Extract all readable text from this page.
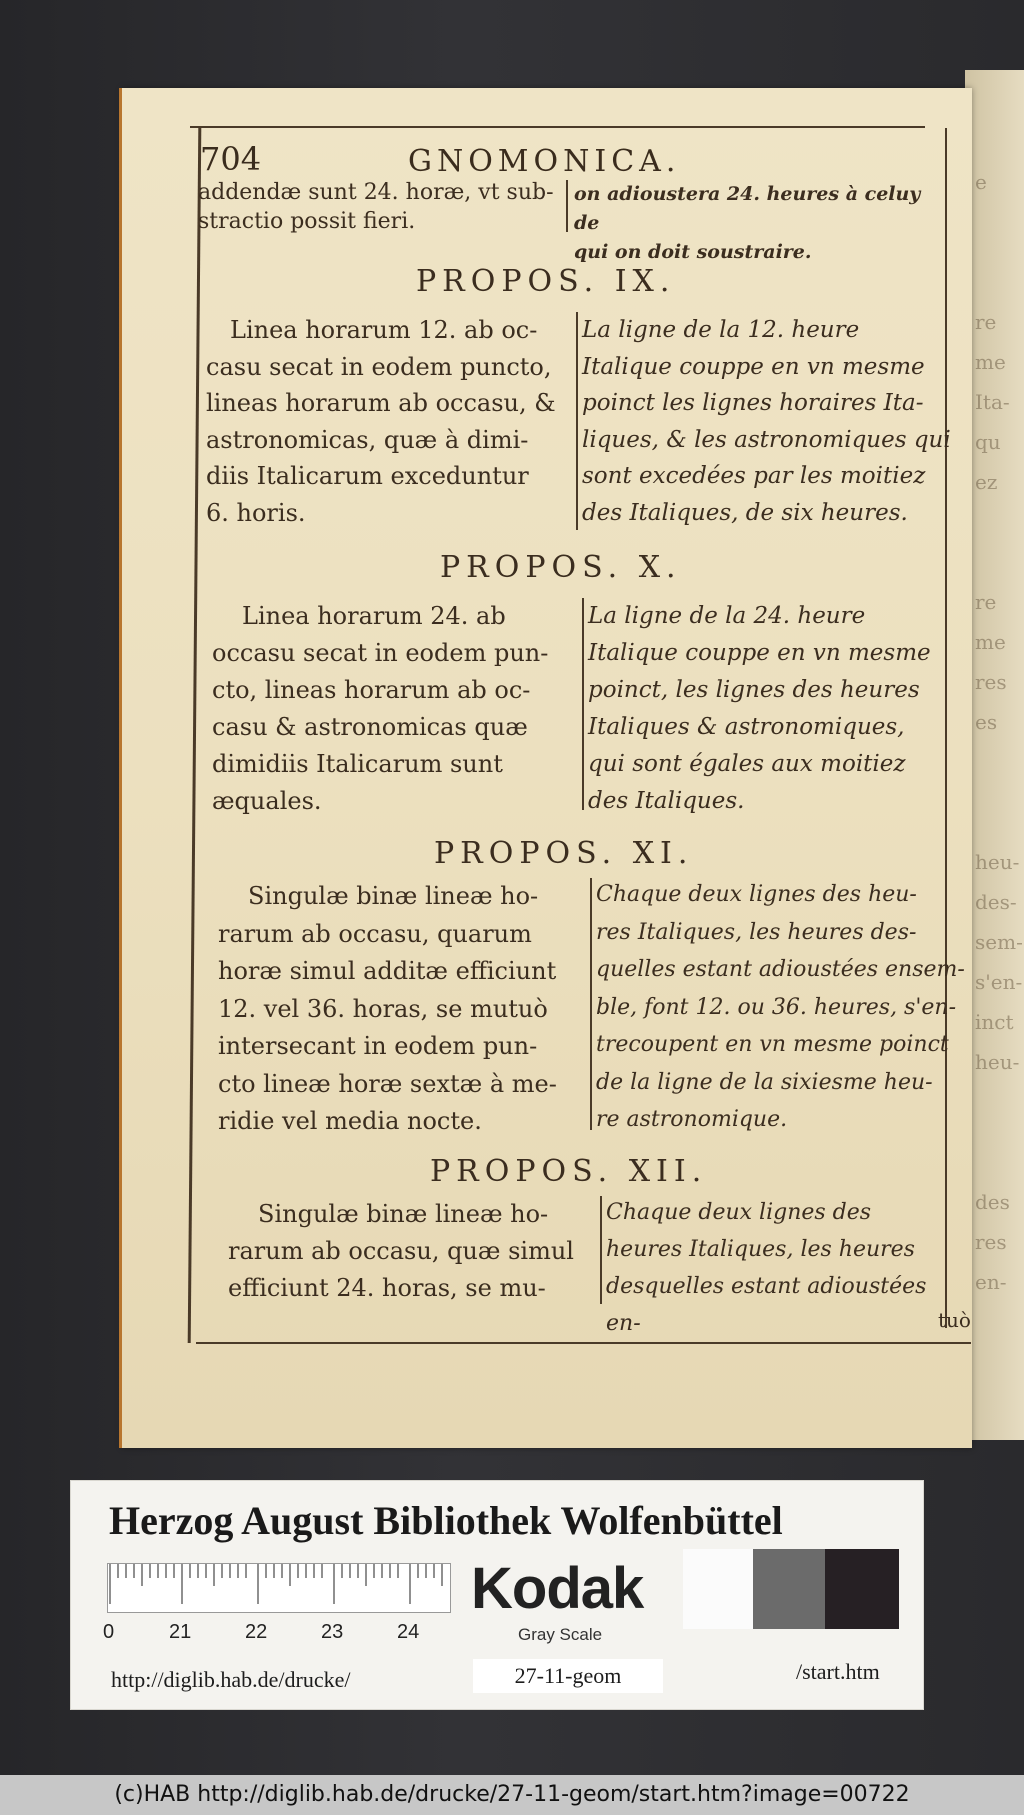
e
re
me
Ita-
qu
ez
re
me
res
es
heu-
des-
sem-
s'en-
inct
heu-
des
res
en-
704	GNOMONICA.
addendæ sunt 24. horæ, vt sub-
stractio possit fieri.
on adioustera 24. heures à celuy de
qui on doit soustraire.
PROPOS. IX.
Linea horarum 12. ab oc-
casu secat in eodem puncto,
lineas horarum ab occasu, &
astronomicas, quæ à dimi-
diis Italicarum exceduntur
6. horis.
La ligne de la 12. heure
Italique couppe en vn mesme
poinct les lignes horaires Ita-
liques, & les astronomiques qui
sont excedées par les moitiez
des Italiques, de six heures.
PROPOS. X.
Linea horarum 24. ab
occasu secat in eodem pun-
cto, lineas horarum ab oc-
casu & astronomicas quæ
dimidiis Italicarum sunt
æquales.
La ligne de la 24. heure
Italique couppe en vn mesme
poinct, les lignes des heures
Italiques & astronomiques,
qui sont égales aux moitiez
des Italiques.
PROPOS. XI.
Singulæ binæ lineæ ho-
rarum ab occasu, quarum
horæ simul additæ efficiunt
12. vel 36. horas, se mutuò
intersecant in eodem pun-
cto lineæ horæ sextæ à me-
ridie vel media nocte.
Chaque deux lignes des heu-
res Italiques, les heures des-
quelles estant adioustées ensem-
ble, font 12. ou 36. heures, s'en-
trecoupent en vn mesme poinct
de la ligne de la sixiesme heu-
re astronomique.
PROPOS. XII.
Singulæ binæ lineæ ho-
rarum ab occasu, quæ simul
efficiunt 24. horas, se mu-
Chaque deux lignes des
heures Italiques, les heures
desquelles estant adioustées en-	tuò
Herzog August Bibliothek Wolfenbüttel
0	21	22	23	24
Kodak
Gray Scale
http://diglib.hab.de/drucke/	27-11-geom	/start.htm
(c)HAB http://diglib.hab.de/drucke/27-11-geom/start.htm?image=00722
